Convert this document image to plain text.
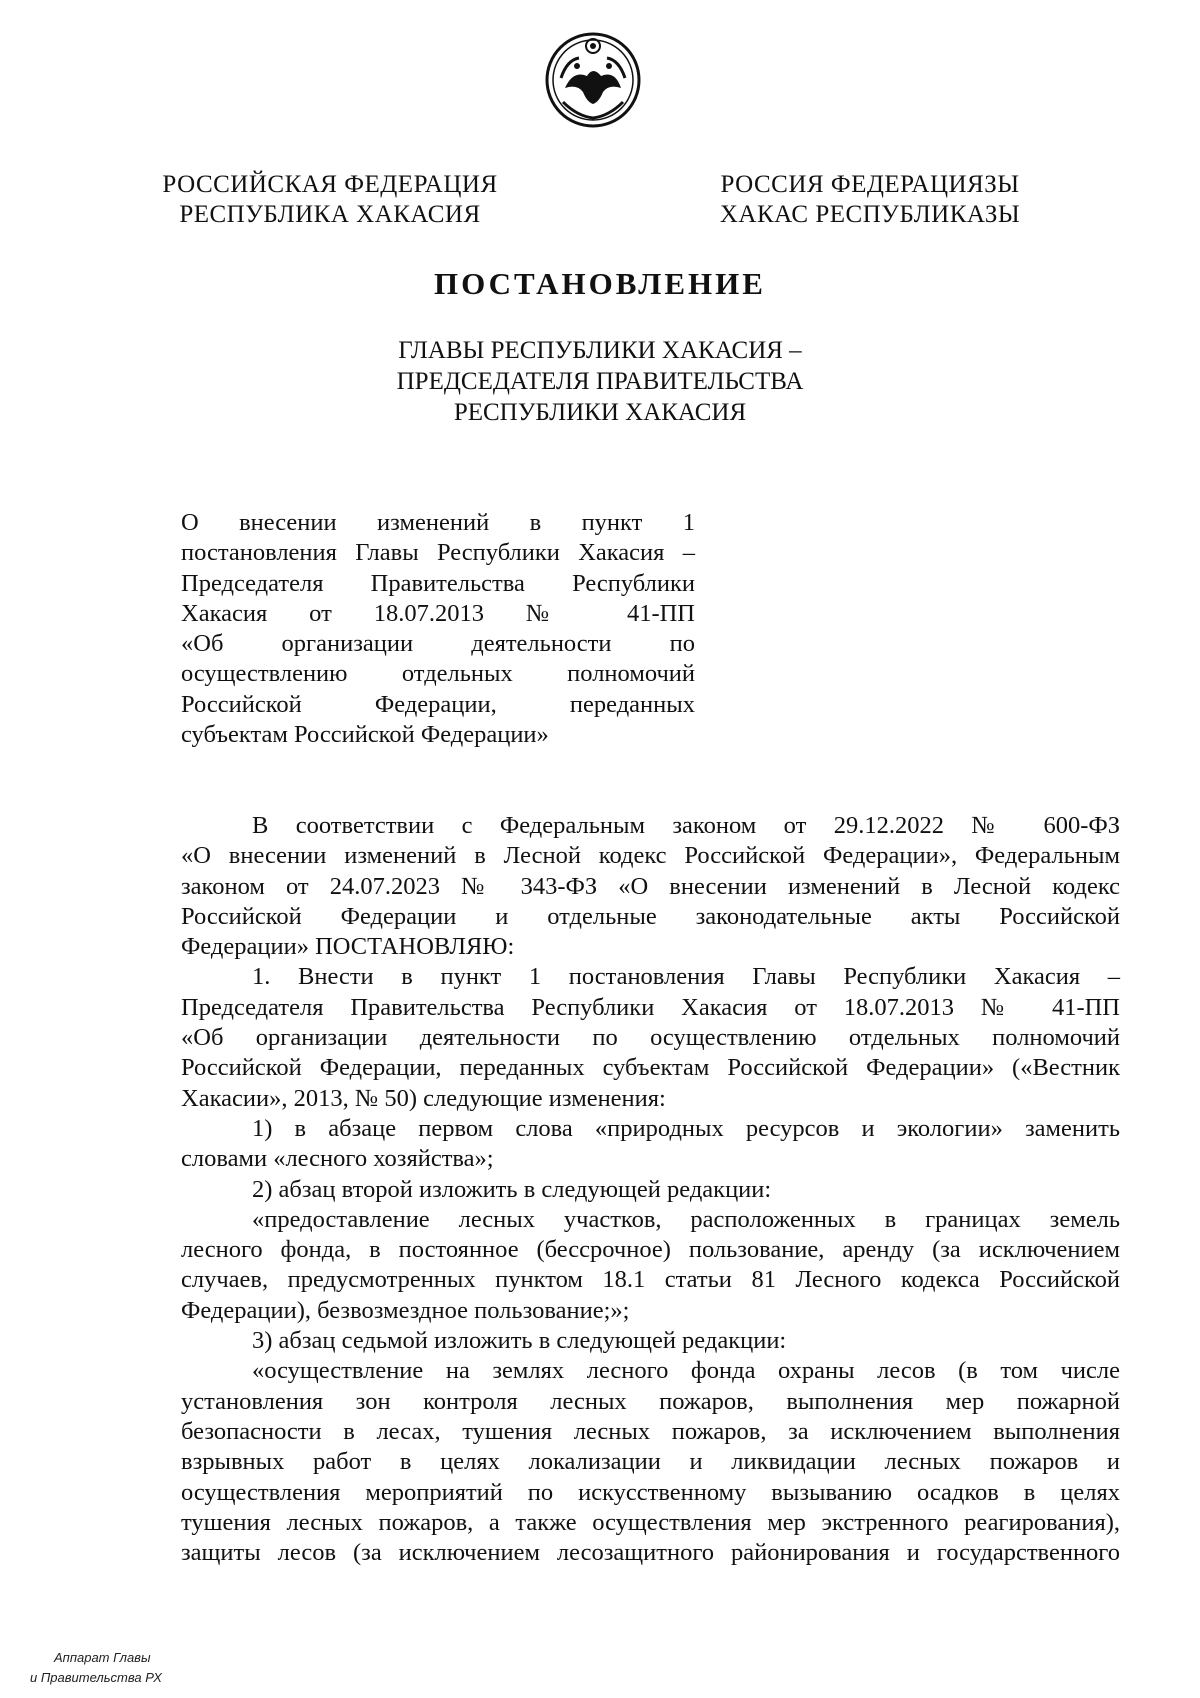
РОССИЙСКАЯ ФЕДЕРАЦИЯ
РЕСПУБЛИКА ХАКАСИЯ
РОССИЯ ФЕДЕРАЦИЯЗЫ
ХАКАС РЕСПУБЛИКАЗЫ
ПОСТАНОВЛЕНИЕ
ГЛАВЫ РЕСПУБЛИКИ ХАКАСИЯ –
ПРЕДСЕДАТЕЛЯ ПРАВИТЕЛЬСТВА
РЕСПУБЛИКИ ХАКАСИЯ
О внесении изменений в пункт 1
постановления Главы Республики Хакасия –
Председателя Правительства Республики
Хакасия от 18.07.2013 № 41-ПП
«Об организации деятельности по
осуществлению отдельных полномочий
Российской Федерации, переданных
субъектам Российской Федерации»
В соответствии с Федеральным законом от 29.12.2022 № 600-ФЗ
«О внесении изменений в Лесной кодекс Российской Федерации», Федеральным
законом от 24.07.2023 № 343-ФЗ «О внесении изменений в Лесной кодекс
Российской Федерации и отдельные законодательные акты Российской
Федерации» ПОСТАНОВЛЯЮ:
1. Внести в пункт 1 постановления Главы Республики Хакасия –
Председателя Правительства Республики Хакасия от 18.07.2013 № 41-ПП
«Об организации деятельности по осуществлению отдельных полномочий
Российской Федерации, переданных субъектам Российской Федерации» («Вестник
Хакасии», 2013, № 50) следующие изменения:
1) в абзаце первом слова «природных ресурсов и экологии» заменить
словами «лесного хозяйства»;
2) абзац второй изложить в следующей редакции:
«предоставление лесных участков, расположенных в границах земель
лесного фонда, в постоянное (бессрочное) пользование, аренду (за исключением
случаев, предусмотренных пунктом 18.1 статьи 81 Лесного кодекса Российской
Федерации), безвозмездное пользование;»;
3) абзац седьмой изложить в следующей редакции:
«осуществление на землях лесного фонда охраны лесов (в том числе
установления зон контроля лесных пожаров, выполнения мер пожарной
безопасности в лесах, тушения лесных пожаров, за исключением выполнения
взрывных работ в целях локализации и ликвидации лесных пожаров и
осуществления мероприятий по искусственному вызыванию осадков в целях
тушения лесных пожаров, а также осуществления мер экстренного реагирования),
защиты лесов (за исключением лесозащитного районирования и государственного
Аппарат Главы
и Правительства РХ
